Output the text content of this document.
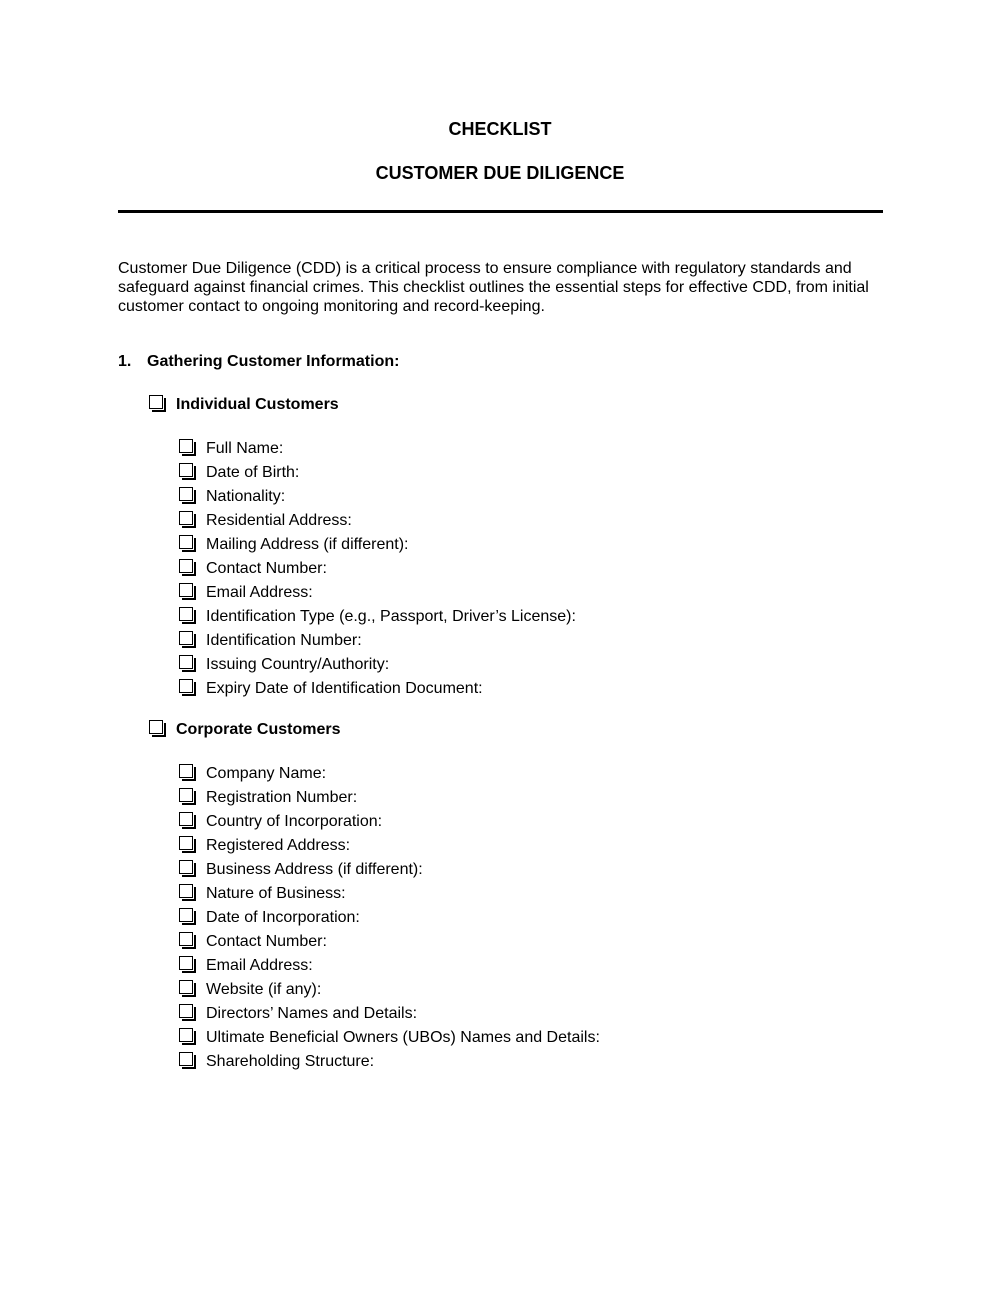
CHECKLIST
CUSTOMER DUE DILIGENCE

Customer Due Diligence (CDD) is a critical process to ensure compliance with regulatory standards and safeguard against financial crimes. This checklist outlines the essential steps for effective CDD, from initial customer contact to ongoing monitoring and record-keeping.

1. Gathering Customer Information:
Individual Customers
Full Name:
Date of Birth:
Nationality:
Residential Address:
Mailing Address (if different):
Contact Number:
Email Address:
Identification Type (e.g., Passport, Driver’s License):
Identification Number:
Issuing Country/Authority:
Expiry Date of Identification Document:
Corporate Customers
Company Name:
Registration Number:
Country of Incorporation:
Registered Address:
Business Address (if different):
Nature of Business:
Date of Incorporation:
Contact Number:
Email Address:
Website (if any):
Directors’ Names and Details:
Ultimate Beneficial Owners (UBOs) Names and Details:
Shareholding Structure:
